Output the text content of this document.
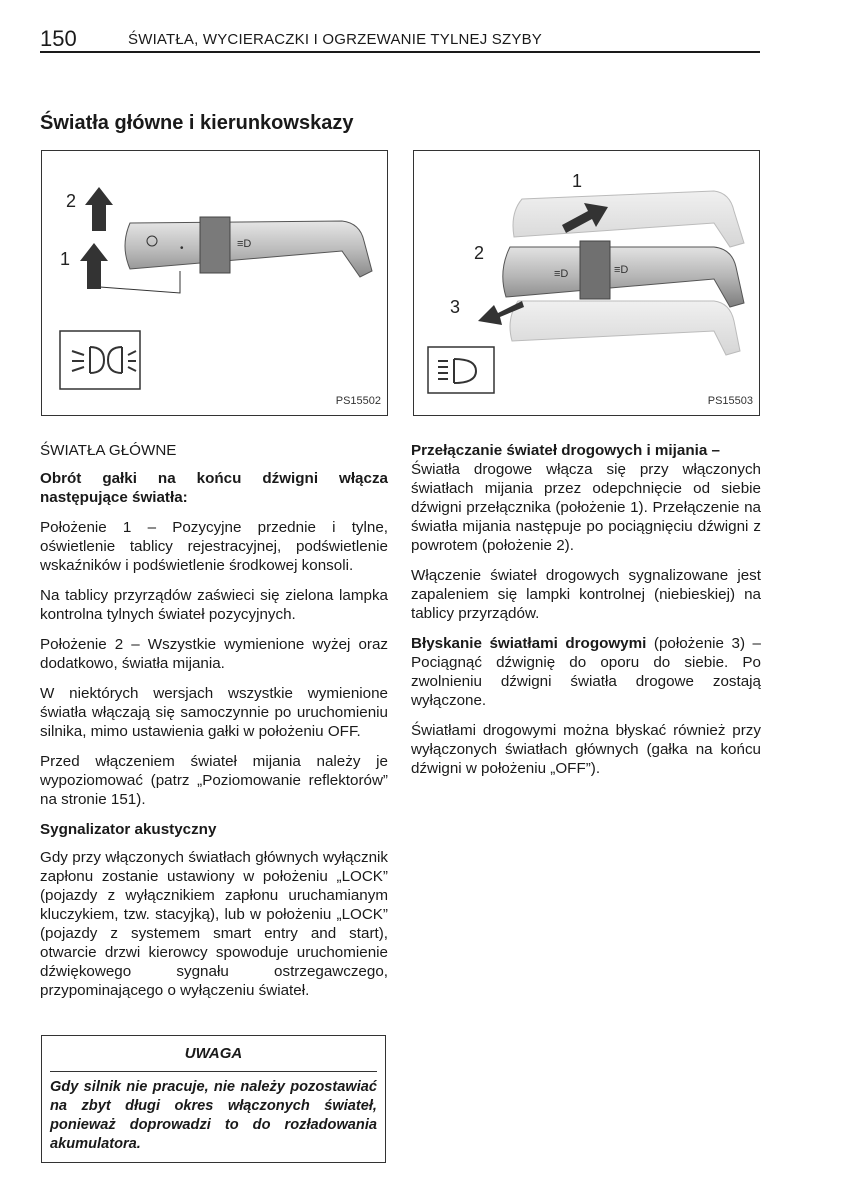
150	ŚWIATŁA, WYCIERACZKI I OGRZEWANIE TYLNEJ SZYBY
Światła główne i kierunkowskazy
•	≡D
2
1
PS15502
≡D	≡D
1
2
3
PS15503

ŚWIATŁA GŁÓWNE

Obrót gałki na końcu dźwigni włącza następujące światła:

Położenie 1 – Pozycyjne przednie i tylne, oświetlenie tablicy rejestracyjnej, podświetlenie wskaźników i podświetlenie środkowej konsoli.

Na tablicy przyrządów zaświeci się zielona lampka kontrolna tylnych świateł pozycyjnych.

Położenie 2 – Wszystkie wymienione wyżej oraz dodatkowo, światła mijania.

W niektórych wersjach wszystkie wymienione światła włączają się samoczynnie po uruchomieniu silnika, mimo ustawienia gałki w położeniu OFF.

Przed włączeniem świateł mijania należy je wypoziomować (patrz „Poziomowanie reflektorów” na stronie 151).

Sygnalizator akustyczny

Gdy przy włączonych światłach głównych wyłącznik zapłonu zostanie ustawiony w położeniu „LOCK” (pojazdy z wyłącznikiem zapłonu uruchamianym kluczykiem, tzw. stacyjką), lub w położeniu „LOCK” (pojazdy z systemem smart entry and start), otwarcie drzwi kierowcy spowoduje uruchomienie dźwiękowego sygnału ostrzegawczego, przypominającego o wyłączeniu świateł.

UWAGA
Gdy silnik nie pracuje, nie należy pozostawiać na zbyt długi okres włączonych świateł, ponieważ doprowadzi to do rozładowania akumulatora.

Przełączanie świateł drogowych i mijania –

Światła drogowe włącza się przy włączonych światłach mijania przez odepchnięcie od siebie dźwigni przełącznika (położenie 1). Przełączenie na światła mijania następuje po pociągnięciu dźwigni z powrotem (położenie 2).

Włączenie świateł drogowych sygnalizowane jest zapaleniem się lampki kontrolnej (niebieskiej) na tablicy przyrządów.

Błyskanie światłami drogowymi (położenie 3) – Pociągnąć dźwignię do oporu do siebie. Po zwolnieniu dźwigni światła drogowe zostają wyłączone.

Światłami drogowymi można błyskać również przy wyłączonych światłach głównych (gałka na końcu dźwigni w położeniu „OFF”).
